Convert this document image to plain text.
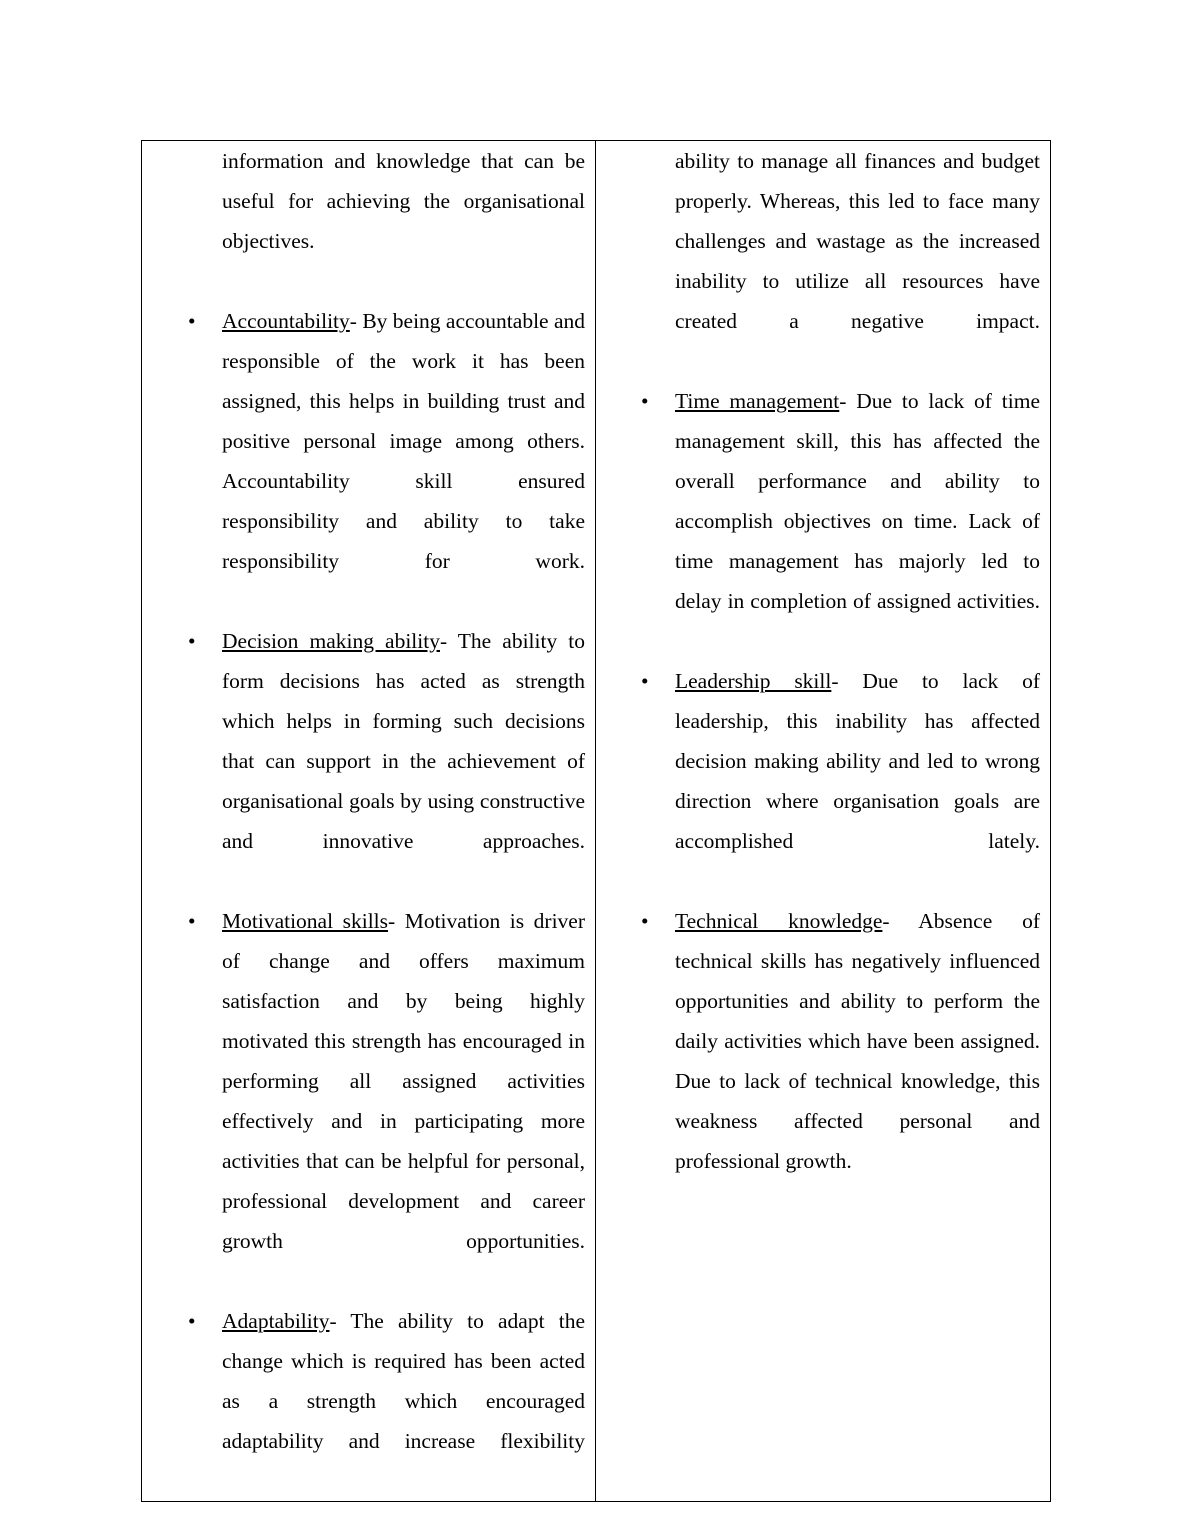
information and knowledge that can be useful for achieving the organisational objectives.

•	Accountability- By being accountable and responsible of the work it has been assigned, this helps in building trust and positive personal image among others. Accountability skill ensured responsibility and ability to take responsibility for work.
•	Decision making ability- The ability to form decisions has acted as strength which helps in forming such decisions that can support in the achievement of organisational goals by using constructive and innovative approaches.
•	Motivational skills- Motivation is driver of change and offers maximum satisfaction and by being highly motivated this strength has encouraged in performing all assigned activities effectively and in participating more activities that can be helpful for personal, professional development and career growth opportunities.
•	Adaptability- The ability to adapt the change which is required has been acted as a strength which encouraged adaptability and increase flexibility

ability to manage all finances and budget properly. Whereas, this led to face many challenges and wastage as the increased inability to utilize all resources have created a negative impact.

•	Time management- Due to lack of time management skill, this has affected the overall performance and ability to accomplish objectives on time. Lack of time management has majorly led to delay in completion of assigned activities.
•	Leadership skill- Due to lack of leadership, this inability has affected decision making ability and led to wrong direction where organisation goals are accomplished lately.
•	Technical knowledge- Absence of technical skills has negatively influenced opportunities and ability to perform the daily activities which have been assigned. Due to lack of technical knowledge, this weakness affected personal and professional growth.
